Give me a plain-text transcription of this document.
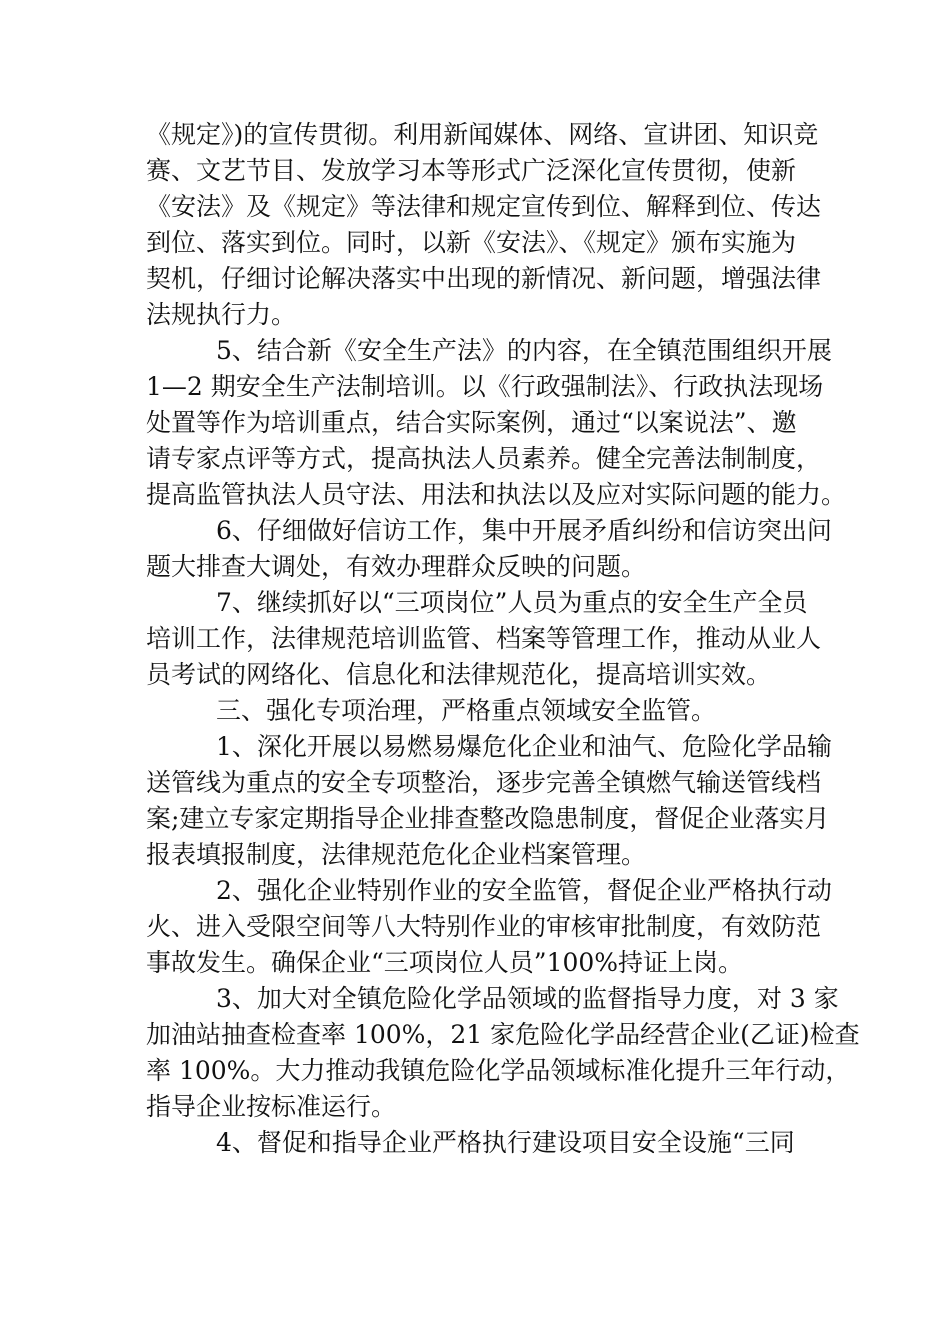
《规定》)的宣传贯彻。利用新闻媒体、网络、宣讲团、知识竞
赛、文艺节目、发放学习本等形式广泛深化宣传贯彻，使新
《安法》及《规定》等法律和规定宣传到位、解释到位、传达
到位、落实到位。同时，以新《安法》、《规定》颁布实施为
契机，仔细讨论解决落实中出现的新情况、新问题，增强法律
法规执行力。
5、结合新《安全生产法》的内容，在全镇范围组织开展
1—2 期安全生产法制培训。以《行政强制法》、行政执法现场
处置等作为培训重点，结合实际案例，通过“以案说法”、邀
请专家点评等方式，提高执法人员素养。健全完善法制制度，
提高监管执法人员守法、用法和执法以及应对实际问题的能力。
6、仔细做好信访工作，集中开展矛盾纠纷和信访突出问
题大排查大调处，有效办理群众反映的问题。
7、继续抓好以“三项岗位”人员为重点的安全生产全员
培训工作，法律规范培训监管、档案等管理工作，推动从业人
员考试的网络化、信息化和法律规范化，提高培训实效。
三、强化专项治理，严格重点领域安全监管。
1、深化开展以易燃易爆危化企业和油气、危险化学品输
送管线为重点的安全专项整治，逐步完善全镇燃气输送管线档
案;建立专家定期指导企业排查整改隐患制度，督促企业落实月
报表填报制度，法律规范危化企业档案管理。
2、强化企业特别作业的安全监管，督促企业严格执行动
火、进入受限空间等八大特别作业的审核审批制度，有效防范
事故发生。确保企业“三项岗位人员”100%持证上岗。
3、加大对全镇危险化学品领域的监督指导力度，对 3 家
加油站抽查检查率 100%，21 家危险化学品经营企业(乙证)检查
率 100%。大力推动我镇危险化学品领域标准化提升三年行动，
指导企业按标准运行。
4、督促和指导企业严格执行建设项目安全设施“三同
